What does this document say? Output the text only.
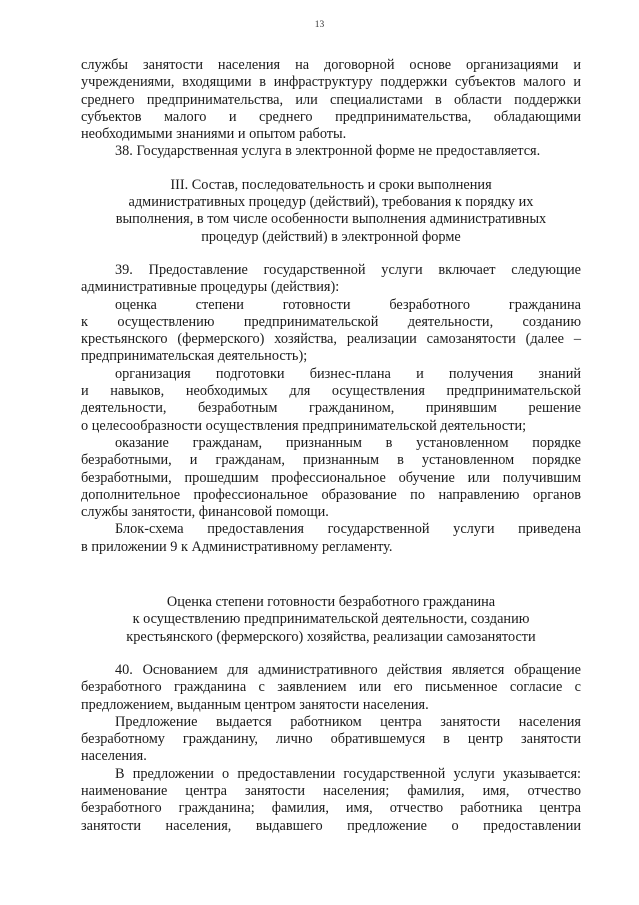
13
службы занятости населения на договорной основе организациями и
учреждениями, входящими в инфраструктуру поддержки субъектов малого и
среднего предпринимательства, или специалистами в области поддержки
субъектов малого и среднего предпринимательства, обладающими
необходимыми знаниями и опытом работы.
38. Государственная услуга в электронной форме не предоставляется.
III. Состав, последовательность и сроки выполнения
административных процедур (действий), требования к порядку их
выполнения, в том числе особенности выполнения административных
процедур (действий) в электронной форме
39. Предоставление государственной услуги включает следующие
административные процедуры (действия):
оценка степени готовности безработного гражданина
к осуществлению предпринимательской деятельности, созданию
крестьянского (фермерского) хозяйства, реализации самозанятости (далее –
предпринимательская деятельность);
организация подготовки бизнес-плана и получения знаний
и навыков, необходимых для осуществления предпринимательской
деятельности, безработным гражданином, принявшим решение
о целесообразности осуществления предпринимательской деятельности;
оказание гражданам, признанным в установленном порядке
безработными, и гражданам, признанным в установленном порядке
безработными, прошедшим профессиональное обучение или получившим
дополнительное профессиональное образование по направлению органов
службы занятости, финансовой помощи.
Блок-схема предоставления государственной услуги приведена
в приложении 9 к Административному регламенту.
Оценка степени готовности безработного гражданина
к осуществлению предпринимательской деятельности, созданию
крестьянского (фермерского) хозяйства, реализации самозанятости
40. Основанием для административного действия является обращение
безработного гражданина с заявлением или его письменное согласие с
предложением, выданным центром занятости населения.
Предложение выдается работником центра занятости населения
безработному гражданину, лично обратившемуся в центр занятости
населения.
В предложении о предоставлении государственной услуги указывается:
наименование центра занятости населения; фамилия, имя, отчество
безработного гражданина; фамилия, имя, отчество работника центра
занятости населения, выдавшего предложение о предоставлении
